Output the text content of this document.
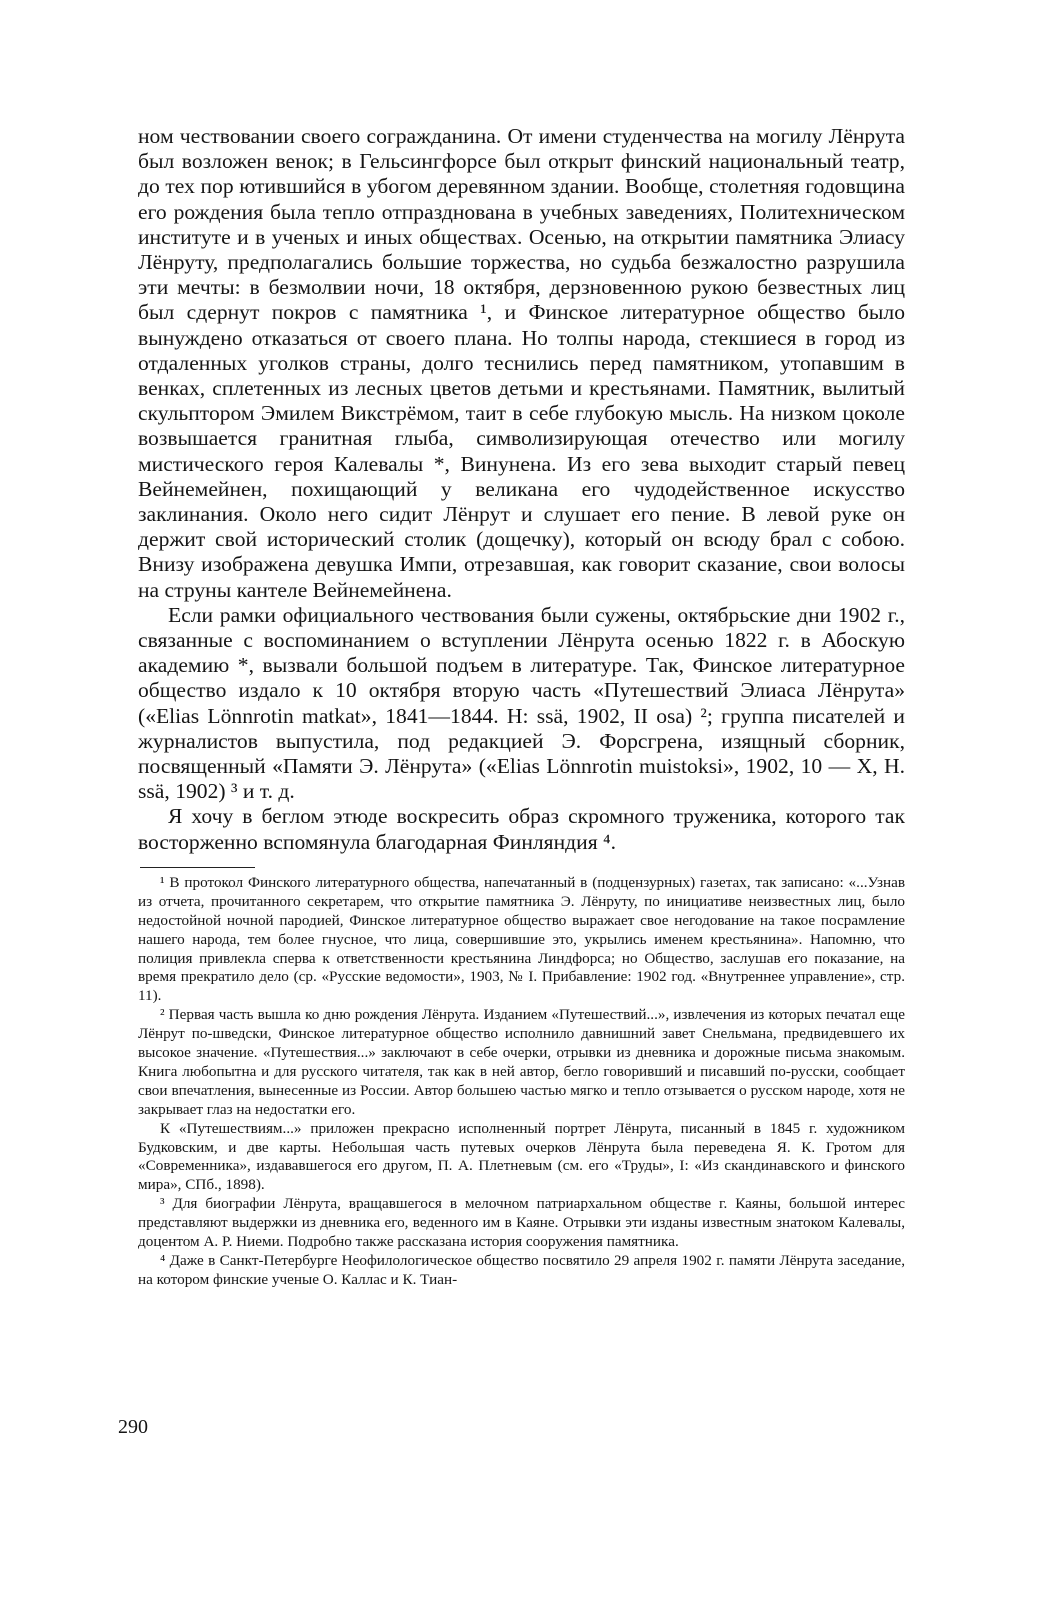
ном чествовании своего согражданина. От имени студенчества на могилу Лёнрута был возложен венок; в Гельсингфорсе был открыт финский национальный театр, до тех пор ютившийся в убогом деревянном здании. Вообще, столетняя годовщина его рождения была тепло отпразднована в учебных заведениях, Политехническом институте и в ученых и иных обществах. Осенью, на открытии памятника Элиасу Лёнруту, предполагались большие торжества, но судьба безжалостно разрушила эти мечты: в безмолвии ночи, 18 октября, дерзновенною рукою безвестных лиц был сдернут покров с памятника ¹, и Финское литературное общество было вынуждено отказаться от своего плана. Но толпы народа, стекшиеся в город из отдаленных уголков страны, долго теснились перед памятником, утопавшим в венках, сплетенных из лесных цветов детьми и крестьянами. Памятник, вылитый скульптором Эмилем Викстрёмом, таит в себе глубокую мысль. На низком цоколе возвышается гранитная глыба, символизирующая отечество или могилу мистического героя Калевалы *, Винунена. Из его зева выходит старый певец Вейнемейнен, похищающий у великана его чудодейственное искусство заклинания. Около него сидит Лёнрут и слушает его пение. В левой руке он держит свой исторический столик (дощечку), который он всюду брал с собою. Внизу изображена девушка Импи, отрезавшая, как говорит сказание, свои волосы на струны кантеле Вейнемейнена.

Если рамки официального чествования были сужены, октябрьские дни 1902 г., связанные с воспоминанием о вступлении Лёнрута осенью 1822 г. в Абоскую академию *, вызвали большой подъем в литературе. Так, Финское литературное общество издало к 10 октября вторую часть «Путешествий Элиаса Лёнрута» («Elias Lönnrotin matkat», 1841—1844. H: ssä, 1902, II osa) ²; группа писателей и журналистов выпустила, под редакцией Э. Форсгрена, изящный сборник, посвященный «Памяти Э. Лёнрута» («Elias Lönnrotin muistoksi», 1902, 10 — X, H. ssä, 1902) ³ и т. д.

Я хочу в беглом этюде воскресить образ скромного труженика, которого так восторженно вспомянула благодарная Финляндия ⁴.

¹ В протокол Финского литературного общества, напечатанный в (подцензурных) газетах, так записано: «...Узнав из отчета, прочитанного секретарем, что открытие памятника Э. Лёнруту, по инициативе неизвестных лиц, было недостойной ночной пародией, Финское литературное общество выражает свое негодование на такое посрамление нашего народа, тем более гнусное, что лица, совершившие это, укрылись именем крестьянина». Напомню, что полиция привлекла сперва к ответственности крестьянина Линдфорса; но Общество, заслушав его показание, на время прекратило дело (ср. «Русские ведомости», 1903, № I. Прибавление: 1902 год. «Внутреннее управление», стр. 11).

² Первая часть вышла ко дню рождения Лёнрута. Изданием «Путешествий...», извлечения из которых печатал еще Лёнрут по-шведски, Финское литературное общество исполнило давнишний завет Снельмана, предвидевшего их высокое значение. «Путешествия...» заключают в себе очерки, отрывки из дневника и дорожные письма знакомым. Книга любопытна и для русского читателя, так как в ней автор, бегло говоривший и писавший по-русски, сообщает свои впечатления, вынесенные из России. Автор большею частью мягко и тепло отзывается о русском народе, хотя не закрывает глаз на недостатки его.

К «Путешествиям...» приложен прекрасно исполненный портрет Лёнрута, писанный в 1845 г. художником Будковским, и две карты. Небольшая часть путевых очерков Лёнрута была переведена Я. К. Гротом для «Современника», издававшегося его другом, П. А. Плетневым (см. его «Труды», I: «Из скандинавского и финского мира», СПб., 1898).

³ Для биографии Лёнрута, вращавшегося в мелочном патриархальном обществе г. Каяны, большой интерес представляют выдержки из дневника его, веденного им в Каяне. Отрывки эти изданы известным знатоком Калевалы, доцентом А. Р. Ниеми. Подробно также рассказана история сооружения памятника.

⁴ Даже в Санкт-Петербурге Неофилологическое общество посвятило 29 апреля 1902 г. памяти Лёнрута заседание, на котором финские ученые О. Каллас и К. Тиан-

290
